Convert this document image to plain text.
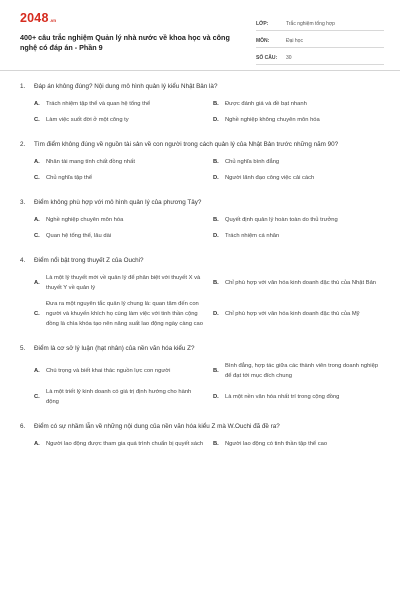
2048 .vn
400+ câu trắc nghiệm Quản lý nhà nước về khoa học và công nghệ có đáp án - Phần 9
LỚP:	Trắc nghiệm tổng hợp
MÔN:	Đại học
SỐ CÂU:	30
1.	Đáp án không đúng? Nội dung mô hình quản lý kiểu Nhật Bản là?
A.	Trách nhiệm tập thể và quan hệ tổng thể	B.	Được đánh giá và đề bạt nhanh
C.	Làm việc suốt đời ở một công ty	D.	Nghề nghiệp không chuyên môn hóa
2.	Tìm điểm không đúng về nguồn tài sản về con người trong cách quản lý của Nhật Bản trước những năm 90?
A.	Nhân tài mang tính chất đồng nhất	B.	Chủ nghĩa bình đẳng
C.	Chủ nghĩa tập thể	D.	Người lãnh đạo công việc cải cách
3.	Điểm không phù hợp với mô hình quản lý của phương Tây?
A.	Nghề nghiệp chuyên môn hóa	B.	Quyết định quản lý hoàn toàn do thủ trưởng
C.	Quan hệ tổng thể, lâu dài	D.	Trách nhiệm cá nhân
4.	Điểm nổi bật trong thuyết Z của Ouchi?
A.
Là một lý thuyết mới về quản lý để phân biệt với thuyết X và thuyết Y về quản lý
B.	Chỉ phù hợp với văn hóa kinh doanh đặc thù của Nhật Bản
C.
Đưa ra một nguyên tắc quản lý chung là: quan tâm đến con người và khuyến khích họ cùng làm việc với tinh thần cộng đồng là chìa khóa tạo nên năng suất lao động ngày càng cao
D.	Chỉ phù hợp với văn hóa kinh doanh đặc thù của Mỹ
5.	Điểm là cơ sở lý luận (hạt nhân) của nền văn hóa kiểu Z?
A.	Chú trọng và biết khai thác nguồn lực con người	B.
Bình đẳng, hợp tác giữa các thành viên trong doanh nghiệp để đạt tới mục đích chung
C.
Là một triết lý kinh doanh có giá trị định hướng cho hành động
D.	Là một nền văn hóa nhất trí trong cộng đồng
6.	Điểm có sự nhầm lẫn về những nội dung của nền văn hóa kiểu Z mà W.Ouchi đã đề ra?
A.	Người lao động được tham gia quá trình chuẩn bị quyết sách	B.	Người lao động có tinh thần tập thể cao
